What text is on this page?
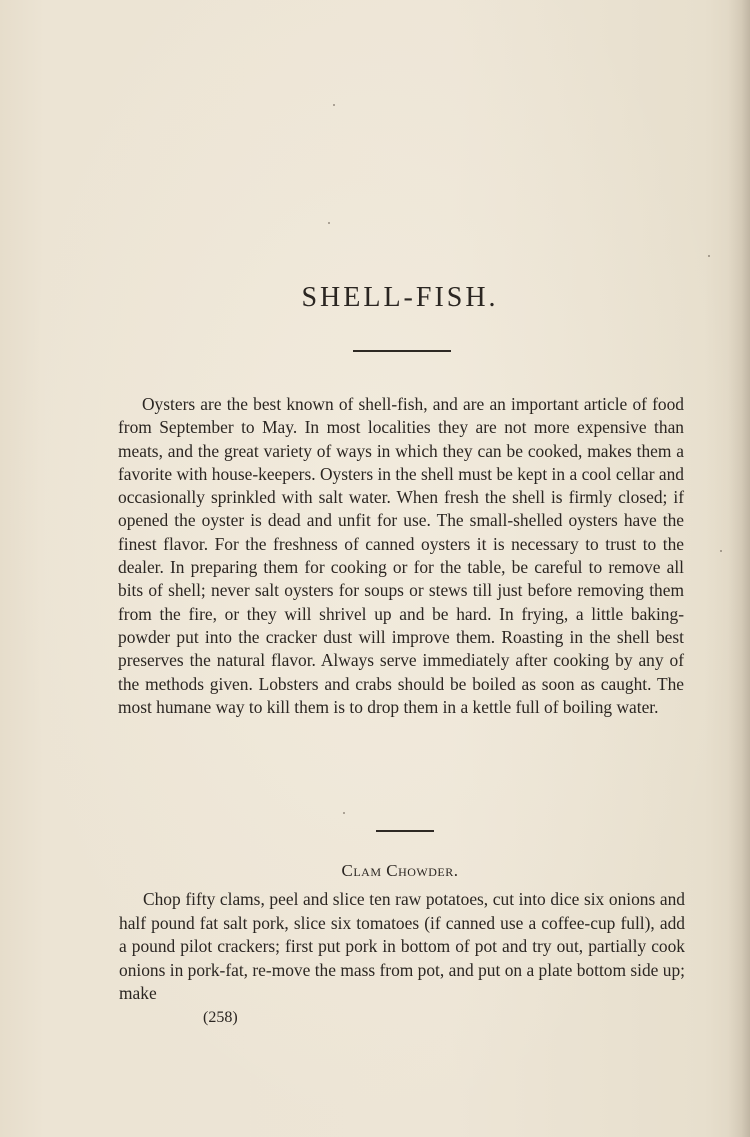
SHELL-FISH.

Oysters are the best known of shell-fish, and are an important article of food from September to May. In most localities they are not more expensive than meats, and the great variety of ways in which they can be cooked, makes them a favorite with house-keepers. Oysters in the shell must be kept in a cool cellar and occasionally sprinkled with salt water. When fresh the shell is firmly closed; if opened the oyster is dead and unfit for use. The small-shelled oysters have the finest flavor. For the freshness of canned oysters it is necessary to trust to the dealer. In preparing them for cooking or for the table, be careful to remove all bits of shell; never salt oysters for soups or stews till just before removing them from the fire, or they will shrivel up and be hard. In frying, a little baking-powder put into the cracker dust will improve them. Roasting in the shell best preserves the natural flavor. Always serve immediately after cooking by any of the methods given. Lobsters and crabs should be boiled as soon as caught. The most humane way to kill them is to drop them in a kettle full of boiling water.

Clam Chowder.

Chop fifty clams, peel and slice ten raw potatoes, cut into dice six onions and half pound fat salt pork, slice six tomatoes (if canned use a coffee-cup full), add a pound pilot crackers; first put pork in bottom of pot and try out, partially cook onions in pork-fat, re-move the mass from pot, and put on a plate bottom side up; make

(258)
